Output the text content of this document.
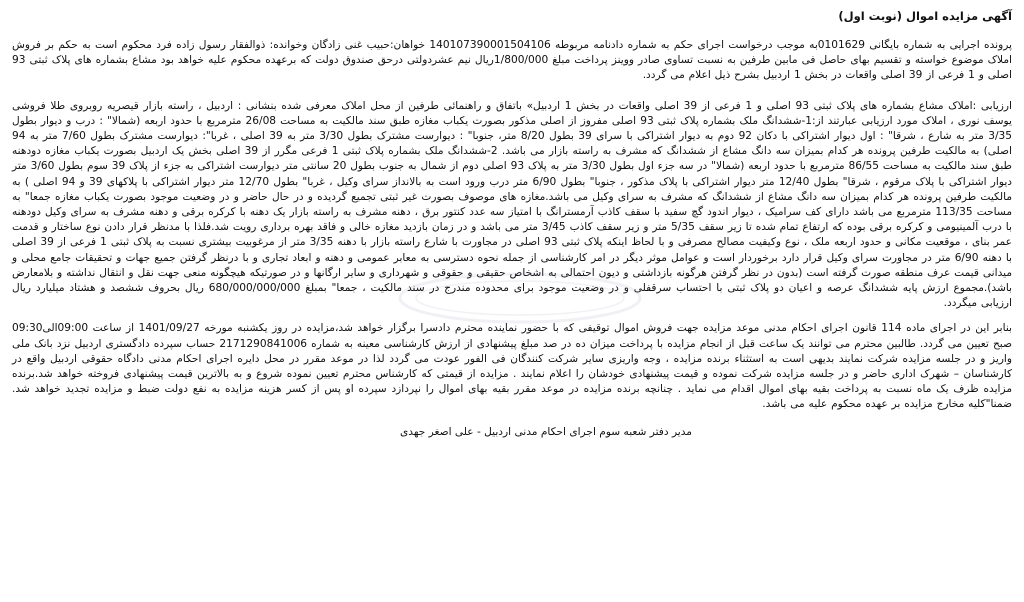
آگهی مزایده اموال (نوبت اول)

پرونده اجرایی به شماره بایگانی 0101629به موجب درخواست اجرای حکم به شماره دادنامه مربوطه 140107390001504106 خواهان:حبیب غنی زادگان وخوانده: ذوالفقار رسول زاده فرد محکوم است به حکم بر فروش املاک موضوع خواسته و تقسیم بهای حاصل فی مابین طرفین به نسبت تساوی صادر ووینز پرداخت مبلغ 1/800/000ریال نیم عشردولتی درحق صندوق دولت که برعهده محکوم علیه خواهد بود مشاع بشماره های پلاک ثبتی 93 اصلی و 1 فرعی از 39 اصلی واقعات در بخش 1 اردبیل بشرح ذیل اعلام می گردد.

ارزیابی :املاک مشاع بشماره های پلاک ثبتی 93 اصلی و 1 فرعی از 39 اصلی واقعات در بخش 1 اردبیل» باتفاق و راهنمائی طرفین از محل املاک معرفی شده بنشانی : اردبیل ، راسته بازار قیصریه روبروی طلا فروشی یوسف نوری ، املاک مورد ارزیابی عبارتند از:1-ششدانگ ملک بشماره پلاک ثبتی 93 اصلی مفروز از اصلی مذکور بصورت یکباب مغازه طبق سند مالکیت به مساحت 26/08 مترمربع با حدود اربعه (شمالا" : درب و دیوار بطول 3/35 متر به شارع ، شرقا" : اول دیوار اشتراکی با دکان 92 دوم به دیوار اشتراکی با سرای 39 بطول 8/20 متر، جنوبا" : دیوارست مشترک بطول 3/30 متر به 39 اصلی ، غربا": دیوارست مشترک بطول 7/60 متر به 94 اصلی) به مالکیت طرفین پرونده هر کدام بمیزان سه دانگ مشاع از ششدانگ که مشرف به راسته بازار می باشد. 2-ششدانگ ملک بشماره پلاک ثبتی 1 فرعی مگرر از 39 اصلی بخش یک اردبیل بصورت یکباب مغازه دودهنه طبق سند مالکیت به مساحت 86/55 مترمربع با حدود اربعه (شمالا" در سه جزء اول بطول 3/30 متر به پلاک 93 اصلی دوم از شمال به جنوب بطول 20 سانتی متر دیوارست اشتراکی به جزء از پلاک 39 سوم بطول 3/60 متر دیوار اشتراکی با پلاک مرقوم ، شرقا" بطول 12/40 متر دیوار اشتراکی با پلاک مذکور ، جنوبا" بطول 6/90 متر درب ورود است به بالانداز سرای وکیل ، غربا" بطول 12/70 متر دیوار اشتراکی با پلاکهای 39 و 94 اصلی ) به مالکیت طرفین پرونده هر کدام بمیزان سه دانگ مشاع از ششدانگ که مشرف به سرای وکیل می باشد.مغازه های موصوف بصورت غیر ثبتی تجمیع گردیده و در حال حاضر و در وضعیت موجود بصورت یکباب مغازه جمعا" به مساحت 113/35 مترمربع می باشد دارای کف سرامیک ، دیوار اندود گچ سفید با سقف کاذب آرمسترانگ با امتیاز سه عدد کنتور برق ، دهنه مشرف به راسته بازار یک دهنه با کرکره برقی و دهنه مشرف به سرای وکیل دودهنه با درب آلمینیومی و کرکره برقی بوده که ارتفاع تمام شده تا زیر سقف 5/35 متر و زیر سقف کاذب 3/45 متر می باشد و در زمان بازدید مغازه خالی و فاقد بهره برداری رویت شد.فلذا با مدنظر قرار دادن نوع ساختار و قدمت عمر بنای ، موقعیت مکانی و حدود اربعه ملک ، نوع وکیفیت مصالح مصرفی و با لحاظ اینکه پلاک ثبتی 93 اصلی در مجاورت با شارع راسته بازار با دهنه 3/35 متر از مرغوبیت بیشتری نسبت به پلاک ثبتی 1 فرعی از 39 اصلی با دهنه 6/90 متر در مجاورت سرای وکیل قرار دارد برخوردار است و عوامل موثر دیگر در امر کارشناسی از جمله نحوه دسترسی به معابر عمومی و دهنه و ابعاد تجاری و با درنظر گرفتن جمیع جهات و تحقیقات جامع محلی و میدانی قیمت عرف منطقه صورت گرفته است (بدون در نظر گرفتن هرگونه بازداشتی و دیون احتمالی به اشخاص حقیقی و حقوقی و شهرداری و سایر ارگانها و در صورتیکه هیچگونه منعی جهت نقل و انتقال نداشته و بلامعارض باشد).مجموع ارزش پایه ششدانگ عرصه و اعیان دو پلاک ثبتی با احتساب سرقفلی و در وضعیت موجود برای محدوده مندرج در سند مالکیت ، جمعا" بمبلغ 680/000/000/000 ریال بحروف ششصد و هشتاد میلیارد ریال ارزیابی میگردد.

بنابر این در اجرای ماده 114 قانون اجرای احکام مدنی موعد مزایده جهت فروش اموال توقیفی که با حضور نماینده محترم دادسرا برگزار خواهد شد،مزایده در روز یکشنبه مورخه 1401/09/27 از ساعت 09:00الی09:30 صبح تعیین می گردد. طالبین محترم می توانند یک ساعت قبل از انجام مزایده با پرداخت میزان ده در صد مبلغ پیشنهادی از ارزش کارشناسی معینه به شماره 2171290841006 حساب سپرده دادگستری اردبیل نزد بانک ملی واریز و در جلسه مزایده شرکت نمایند بدیهی است به استثناء برنده مزایده ، وجه واریزی سایر شرکت کنندگان فی الفور عودت می گردد لذا در موعد مقرر در محل دایره اجرای احکام مدنی دادگاه حقوقی اردبیل واقع در کارشناسان – شهرک اداری حاضر و در جلسه مزایده شرکت نموده و قیمت پیشنهادی خودشان را اعلام نمایند . مزایده از قیمتی که کارشناس محترم تعیین نموده شروع و به بالاترین قیمت پیشنهادی فروخته خواهد شد.برنده مزایده ظرف یک ماه نسبت به پرداخت بقیه بهای اموال اقدام می نماید . چنانچه برنده مزایده در موعد مقرر بقیه بهای اموال را نپردازد سپرده او پس از کسر هزینه مزایده به نفع دولت ضبط و مزایده تجدید خواهد شد. ضمنا"کلیه مخارج مزایده بر عهده محکوم علیه می باشد.

مدیر دفتر شعبه سوم اجرای احکام مدنی اردبیل - علی اصغر جهدی
